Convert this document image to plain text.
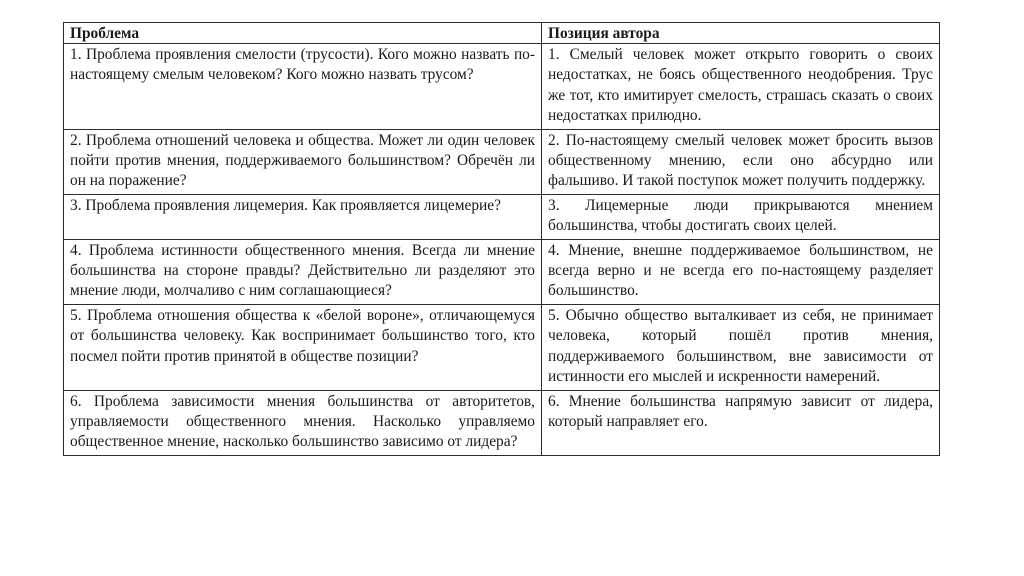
Проблема	Позиция автора
1. Проблема проявления смелости (трусости). Кого можно назвать по-настоящему смелым человеком? Кого можно назвать трусом?	1. Смелый человек может открыто говорить о своих недостатках, не боясь общественного неодобрения. Трус же тот, кто имитирует смелость, страшась сказать о своих недостатках прилюдно.
2. Проблема отношений человека и общества. Может ли один человек пойти против мнения, поддерживаемого большинством? Обречён ли он на поражение?	2. По-настоящему смелый человек может бросить вызов общественному мнению, если оно абсурдно или фальшиво. И такой поступок может получить поддержку.
3. Проблема проявления лицемерия. Как проявляется лицемерие?	3. Лицемерные люди прикрываются мнением большинства, чтобы достигать своих целей.
4. Проблема истинности общественного мнения. Всегда ли мнение большинства на стороне правды? Действительно ли разделяют это мнение люди, молчаливо с ним соглашающиеся?	4. Мнение, внешне поддерживаемое большинством, не всегда верно и не всегда его по-настоящему разделяет большинство.
5. Проблема отношения общества к «белой вороне», отличающемуся от большинства человеку. Как воспринимает большинство того, кто посмел пойти против принятой в обществе позиции?	5. Обычно общество выталкивает из себя, не принимает человека, который пошёл против мнения, поддерживаемого большинством, вне зависимости от истинности его мыслей и искренности намерений.
6. Проблема зависимости мнения большинства от авторитетов, управляемости общественного мнения. Насколько управляемо общественное мнение, насколько большинство зависимо от лидера?	6. Мнение большинства напрямую зависит от лидера, который направляет его.
